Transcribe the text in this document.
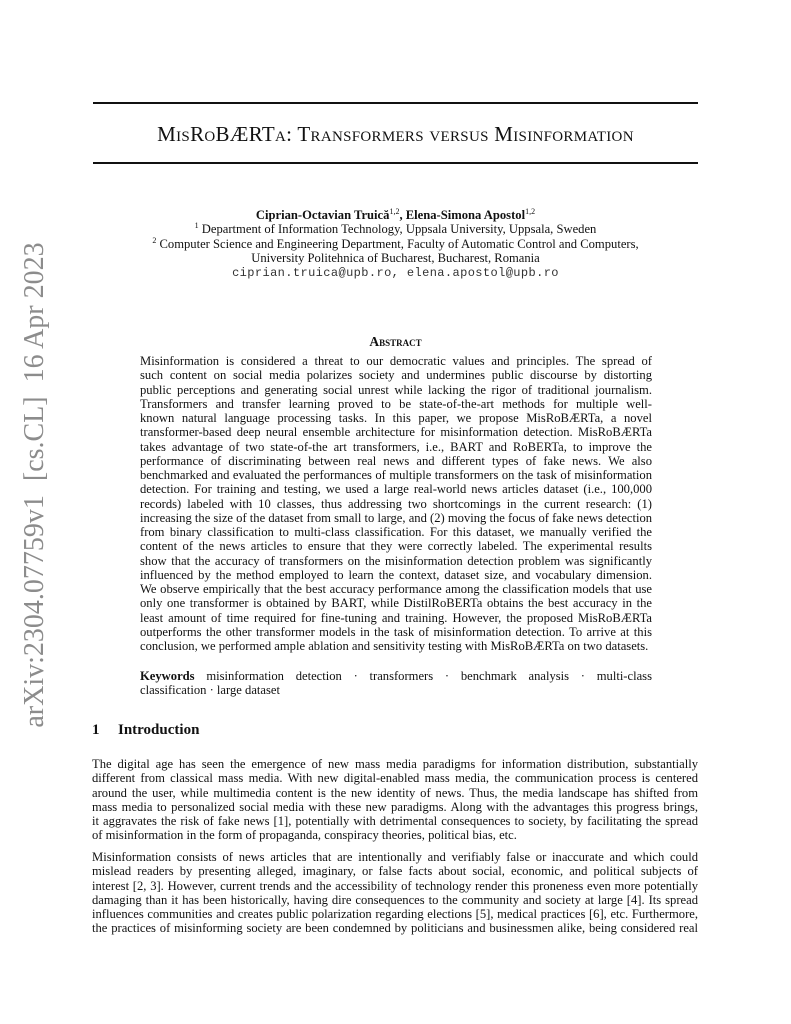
arXiv:2304.07759v1  [cs.CL]  16 Apr 2023
MisRoBÆRTa: Transformers versus Misinformation
Ciprian-Octavian Truică$^{1,2}$, Elena-Simona Apostol$^{1,2}$
$^1$ Department of Information Technology, Uppsala University, Uppsala, Sweden
$^2$ Computer Science and Engineering Department, Faculty of Automatic Control and Computers,
University Politehnica of Bucharest, Bucharest, Romania
ciprian.truica@upb.ro, elena.apostol@upb.ro
Abstract
Misinformation is considered a threat to our democratic values and principles. The spread of
such content on social media polarizes society and undermines public discourse by distorting
public perceptions and generating social unrest while lacking the rigor of traditional journalism.
Transformers and transfer learning proved to be state-of-the-art methods for multiple well-
known natural language processing tasks. In this paper, we propose MisRoBÆRTa, a novel
transformer-based deep neural ensemble architecture for misinformation detection. MisRoBÆRTa
takes advantage of two state-of-the art transformers, i.e., BART and RoBERTa, to improve the
performance of discriminating between real news and different types of fake news. We also
benchmarked and evaluated the performances of multiple transformers on the task of misinformation
detection. For training and testing, we used a large real-world news articles dataset (i.e., 100,000
records) labeled with 10 classes, thus addressing two shortcomings in the current research: (1)
increasing the size of the dataset from small to large, and (2) moving the focus of fake news detection
from binary classification to multi-class classification. For this dataset, we manually verified the
content of the news articles to ensure that they were correctly labeled. The experimental results
show that the accuracy of transformers on the misinformation detection problem was significantly
influenced by the method employed to learn the context, dataset size, and vocabulary dimension.
We observe empirically that the best accuracy performance among the classification models that use
only one transformer is obtained by BART, while DistilRoBERTa obtains the best accuracy in the
least amount of time required for fine-tuning and training. However, the proposed MisRoBÆRTa
outperforms the other transformer models in the task of misinformation detection. To arrive at this
conclusion, we performed ample ablation and sensitivity testing with MisRoBÆRTa on two datasets.
Keywords misinformation detection · transformers · benchmark analysis · multi-class
classification · large dataset
1 Introduction
The digital age has seen the emergence of new mass media paradigms for information distribution, substantially
different from classical mass media. With new digital-enabled mass media, the communication process is centered
around the user, while multimedia content is the new identity of news. Thus, the media landscape has shifted from
mass media to personalized social media with these new paradigms. Along with the advantages this progress brings,
it aggravates the risk of fake news [1], potentially with detrimental consequences to society, by facilitating the spread
of misinformation in the form of propaganda, conspiracy theories, political bias, etc.
Misinformation consists of news articles that are intentionally and verifiably false or inaccurate and which could
mislead readers by presenting alleged, imaginary, or false facts about social, economic, and political subjects of
interest [2, 3]. However, current trends and the accessibility of technology render this proneness even more potentially
damaging than it has been historically, having dire consequences to the community and society at large [4]. Its spread
influences communities and creates public polarization regarding elections [5], medical practices [6], etc. Furthermore,
the practices of misinforming society are been condemned by politicians and businessmen alike, being considered real
